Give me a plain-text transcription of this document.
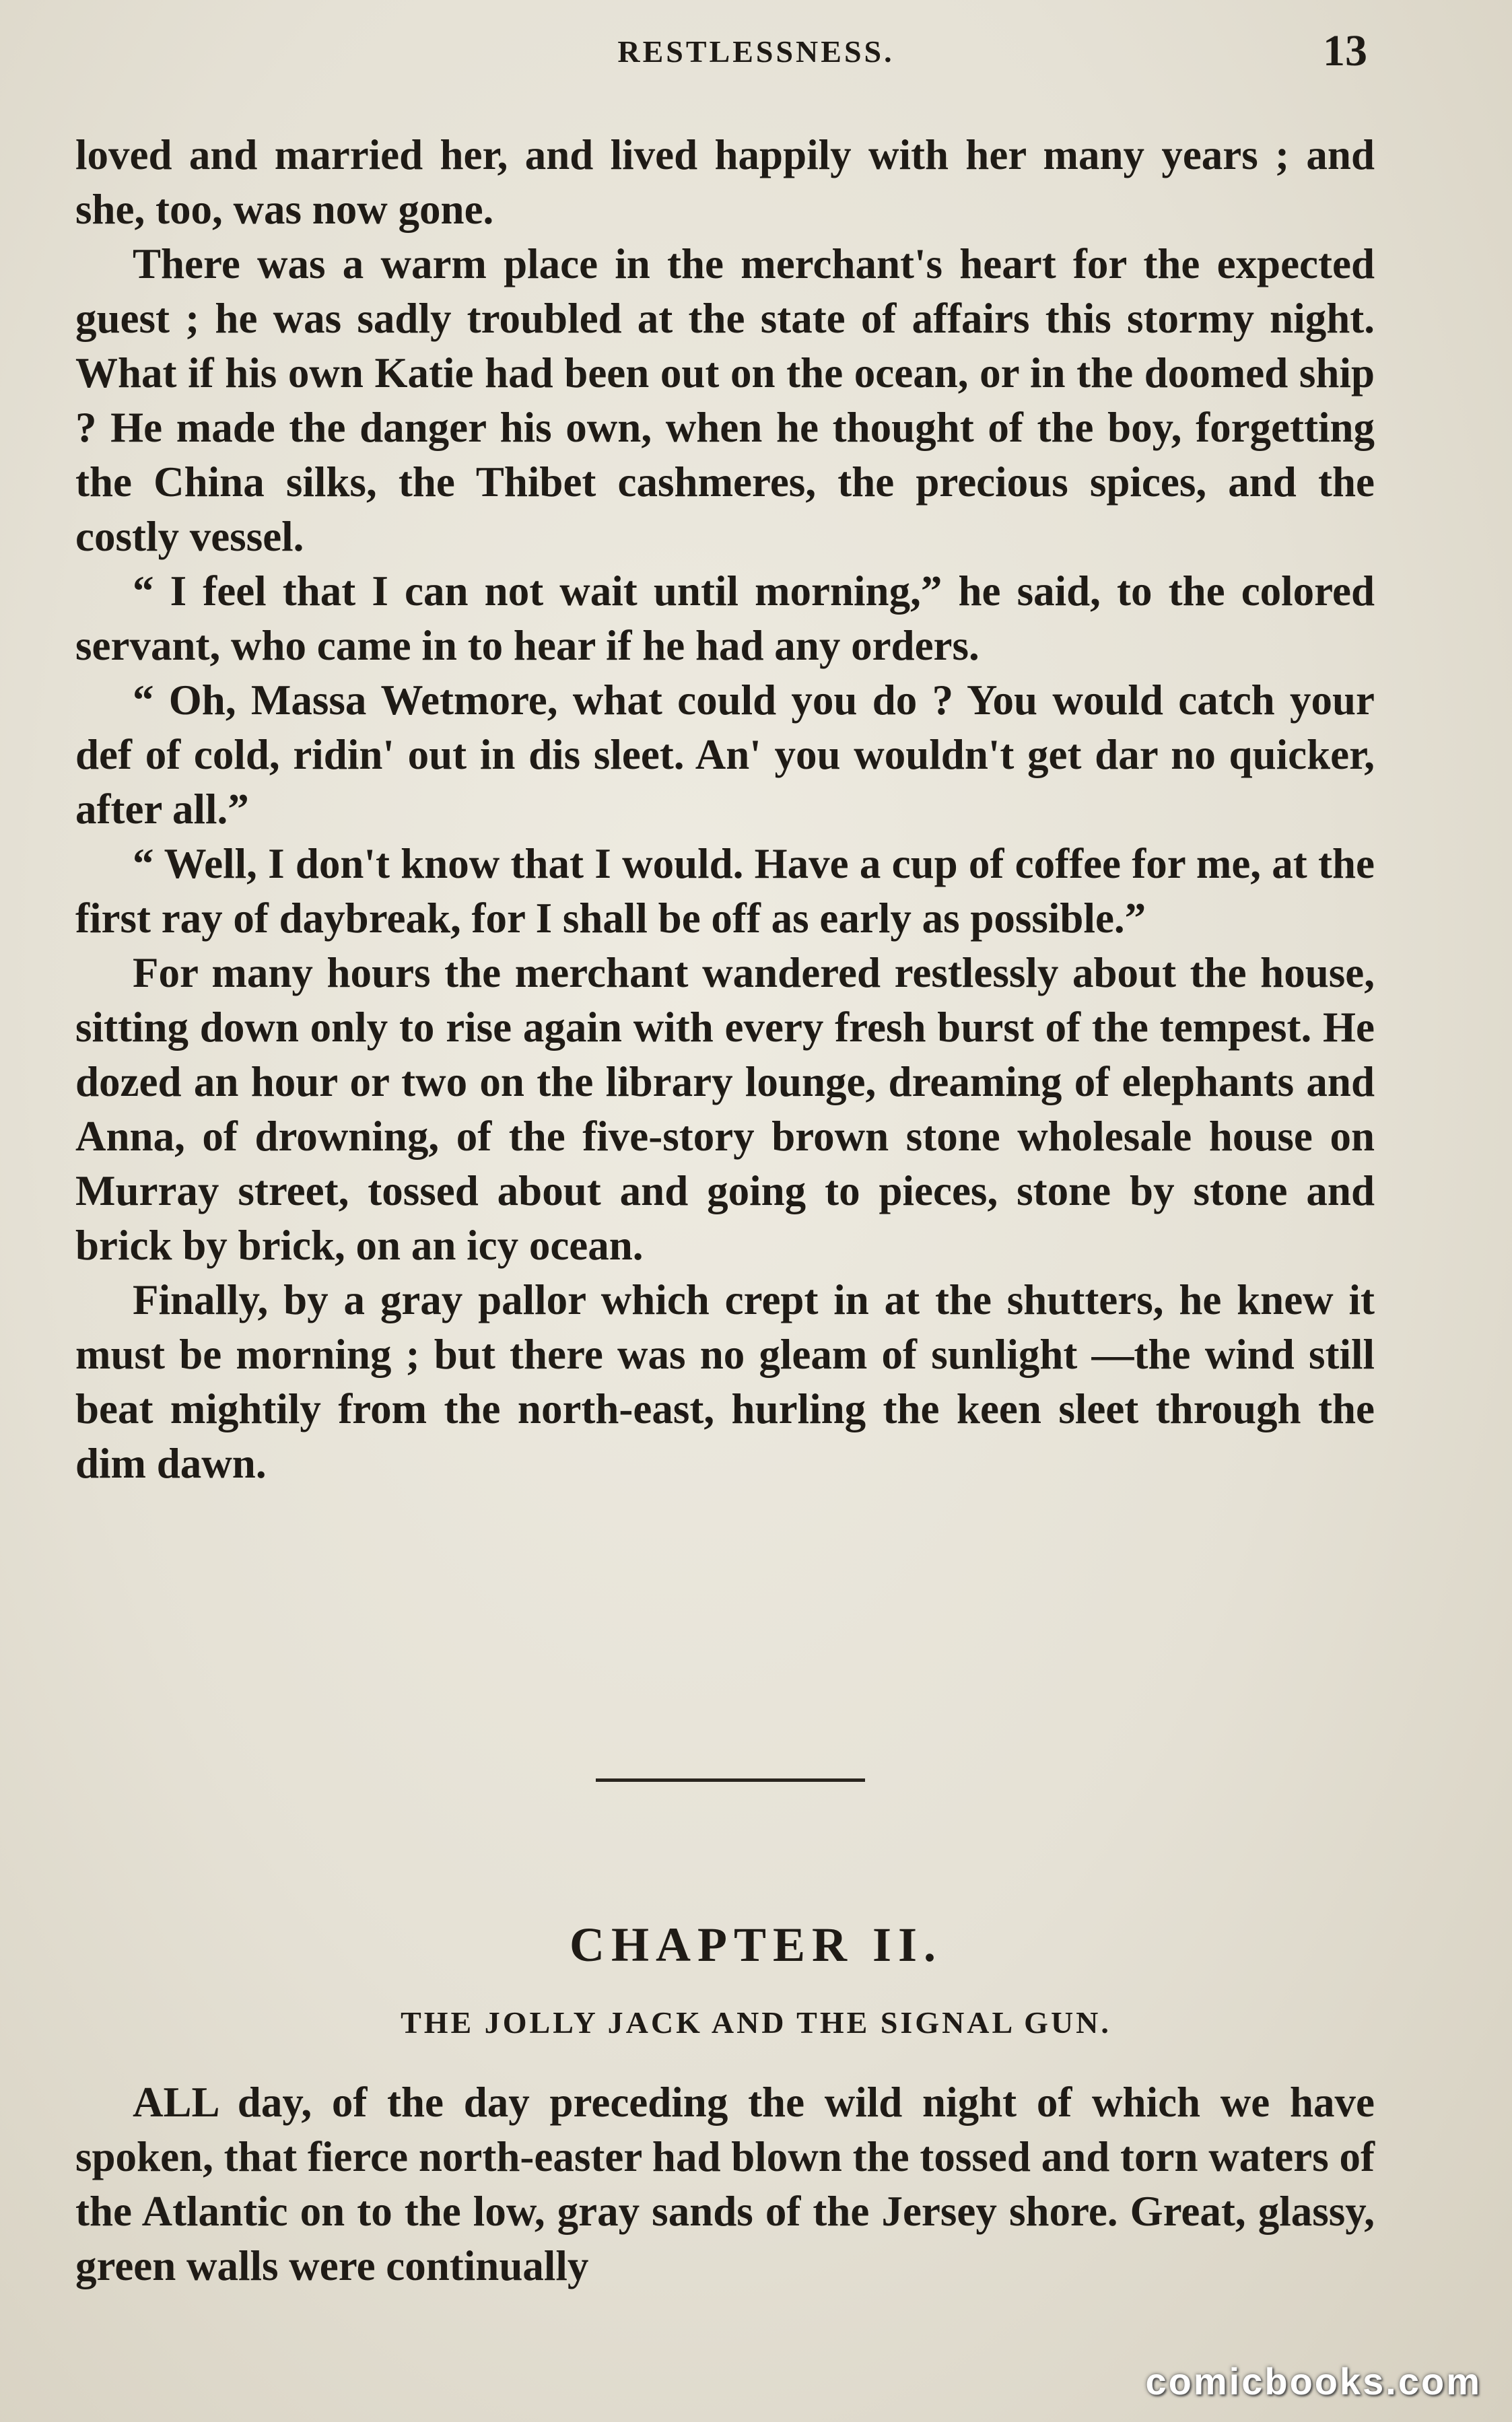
RESTLESSNESS.	13

loved and married her, and lived happily with her many years ; and she, too, was now gone.

There was a warm place in the merchant's heart for the expected guest ; he was sadly troubled at the state of affairs this stormy night. What if his own Katie had been out on the ocean, or in the doomed ship ? He made the danger his own, when he thought of the boy, forgetting the China silks, the Thibet cashmeres, the precious spices, and the costly vessel.

“ I feel that I can not wait until morning,” he said, to the colored servant, who came in to hear if he had any orders.

“ Oh, Massa Wetmore, what could you do ? You would catch your def of cold, ridin' out in dis sleet. An' you wouldn't get dar no quicker, after all.”

“ Well, I don't know that I would. Have a cup of coffee for me, at the first ray of daybreak, for I shall be off as early as possible.”

For many hours the merchant wandered restlessly about the house, sitting down only to rise again with every fresh burst of the tempest. He dozed an hour or two on the library lounge, dreaming of elephants and Anna, of drowning, of the five-story brown stone wholesale house on Murray street, tossed about and going to pieces, stone by stone and brick by brick, on an icy ocean.

Finally, by a gray pallor which crept in at the shutters, he knew it must be morning ; but there was no gleam of sunlight —the wind still beat mightily from the north-east, hurling the keen sleet through the dim dawn.

CHAPTER II.
THE JOLLY JACK AND THE SIGNAL GUN.

ALL day, of the day preceding the wild night of which we have spoken, that fierce north-easter had blown the tossed and torn waters of the Atlantic on to the low, gray sands of the Jersey shore. Great, glassy, green walls were continually

comicbooks.com
